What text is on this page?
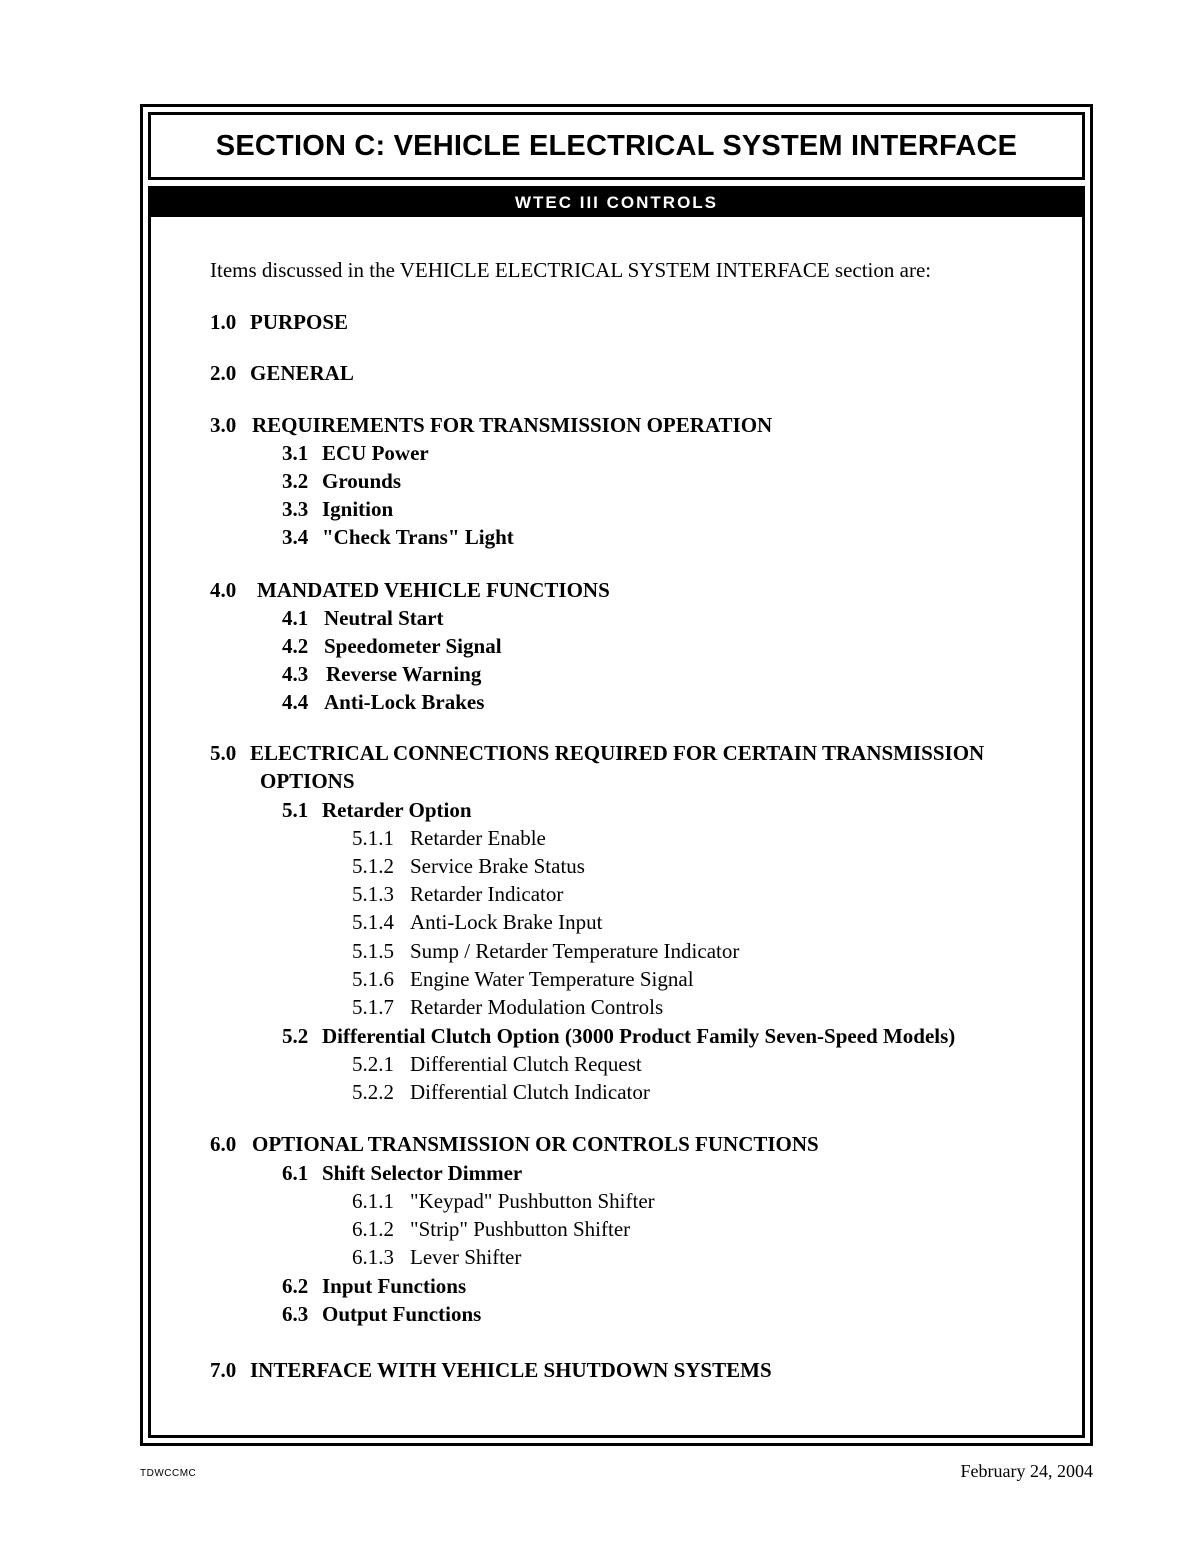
SECTION C: VEHICLE ELECTRICAL SYSTEM INTERFACE
WTEC III CONTROLS
Items discussed in the VEHICLE ELECTRICAL SYSTEM INTERFACE section are:
1.0 PURPOSE
2.0 GENERAL
3.0 REQUIREMENTS FOR TRANSMISSION OPERATION
3.1 ECU Power
3.2 Grounds
3.3 Ignition
3.4 "Check Trans" Light
4.0 MANDATED VEHICLE FUNCTIONS
4.1 Neutral Start
4.2 Speedometer Signal
4.3 Reverse Warning
4.4 Anti-Lock Brakes
5.0 ELECTRICAL CONNECTIONS REQUIRED FOR CERTAIN TRANSMISSION
OPTIONS
5.1 Retarder Option
5.1.1 Retarder Enable
5.1.2 Service Brake Status
5.1.3 Retarder Indicator
5.1.4 Anti-Lock Brake Input
5.1.5 Sump / Retarder Temperature Indicator
5.1.6 Engine Water Temperature Signal
5.1.7 Retarder Modulation Controls
5.2 Differential Clutch Option (3000 Product Family Seven-Speed Models)
5.2.1 Differential Clutch Request
5.2.2 Differential Clutch Indicator
6.0 OPTIONAL TRANSMISSION OR CONTROLS FUNCTIONS
6.1 Shift Selector Dimmer
6.1.1 "Keypad" Pushbutton Shifter
6.1.2 "Strip" Pushbutton Shifter
6.1.3 Lever Shifter
6.2 Input Functions
6.3 Output Functions
7.0 INTERFACE WITH VEHICLE SHUTDOWN SYSTEMS
TDWCCMC	February 24, 2004
